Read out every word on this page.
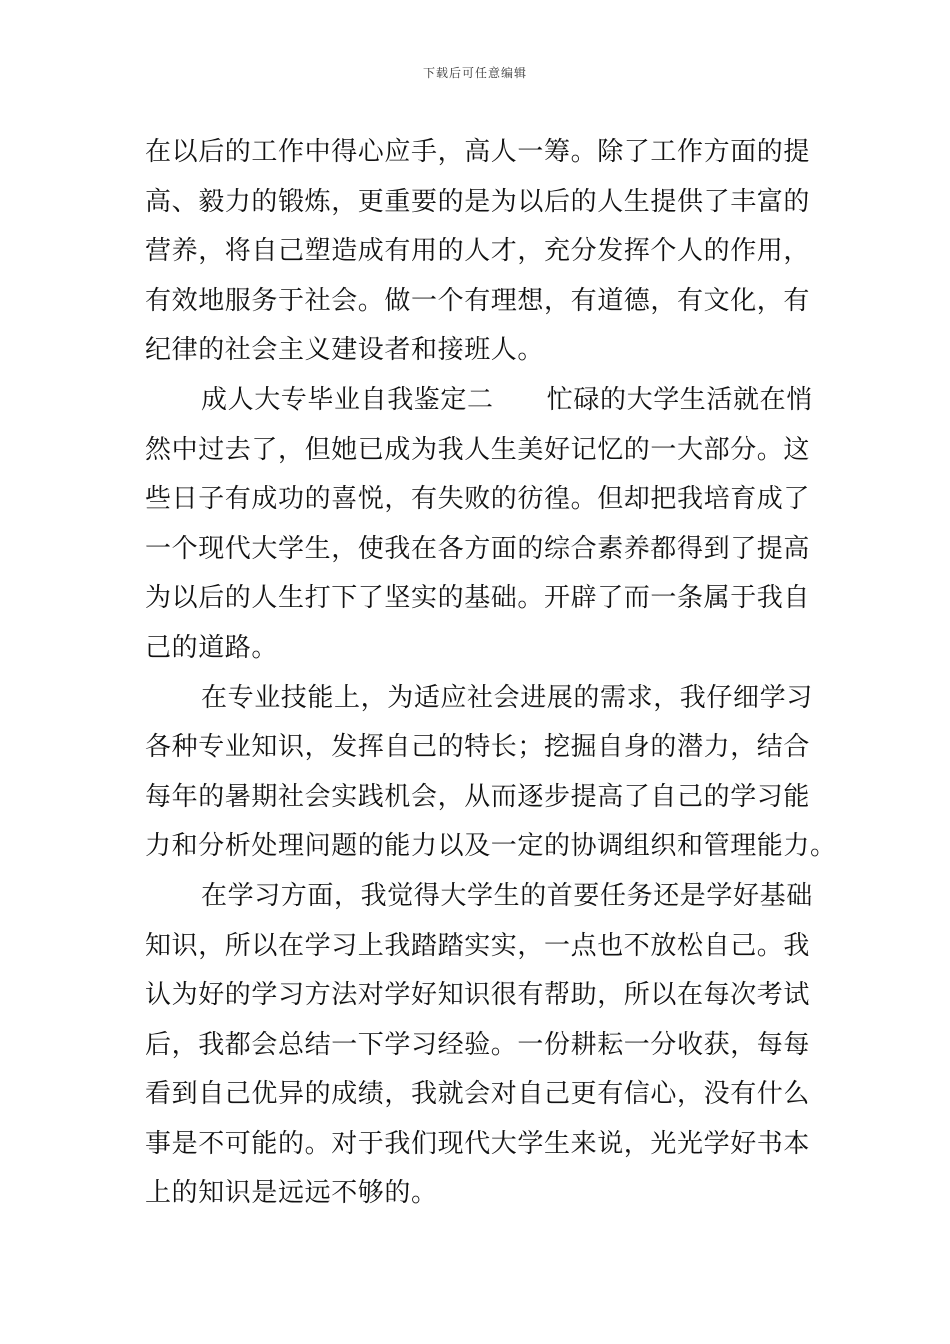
下载后可任意编辑
在以后的工作中得心应手，高人一筹。除了工作方面的提
高、毅力的锻炼，更重要的是为以后的人生提供了丰富的
营养，将自己塑造成有用的人才，充分发挥个人的作用，
有效地服务于社会。做一个有理想，有道德，有文化，有
纪律的社会主义建设者和接班人。
成人大专毕业自我鉴定二　　忙碌的大学生活就在悄
然中过去了，但她已成为我人生美好记忆的一大部分。这
些日子有成功的喜悦，有失败的彷徨。但却把我培育成了
一个现代大学生，使我在各方面的综合素养都得到了提高
为以后的人生打下了坚实的基础。开辟了而一条属于我自
己的道路。
在专业技能上，为适应社会进展的需求，我仔细学习
各种专业知识，发挥自己的特长；挖掘自身的潜力，结合
每年的暑期社会实践机会，从而逐步提高了自己的学习能
力和分析处理问题的能力以及一定的协调组织和管理能力。
在学习方面，我觉得大学生的首要任务还是学好基础
知识，所以在学习上我踏踏实实，一点也不放松自己。我
认为好的学习方法对学好知识很有帮助，所以在每次考试
后，我都会总结一下学习经验。一份耕耘一分收获，每每
看到自己优异的成绩，我就会对自己更有信心，没有什么
事是不可能的。对于我们现代大学生来说，光光学好书本
上的知识是远远不够的。
